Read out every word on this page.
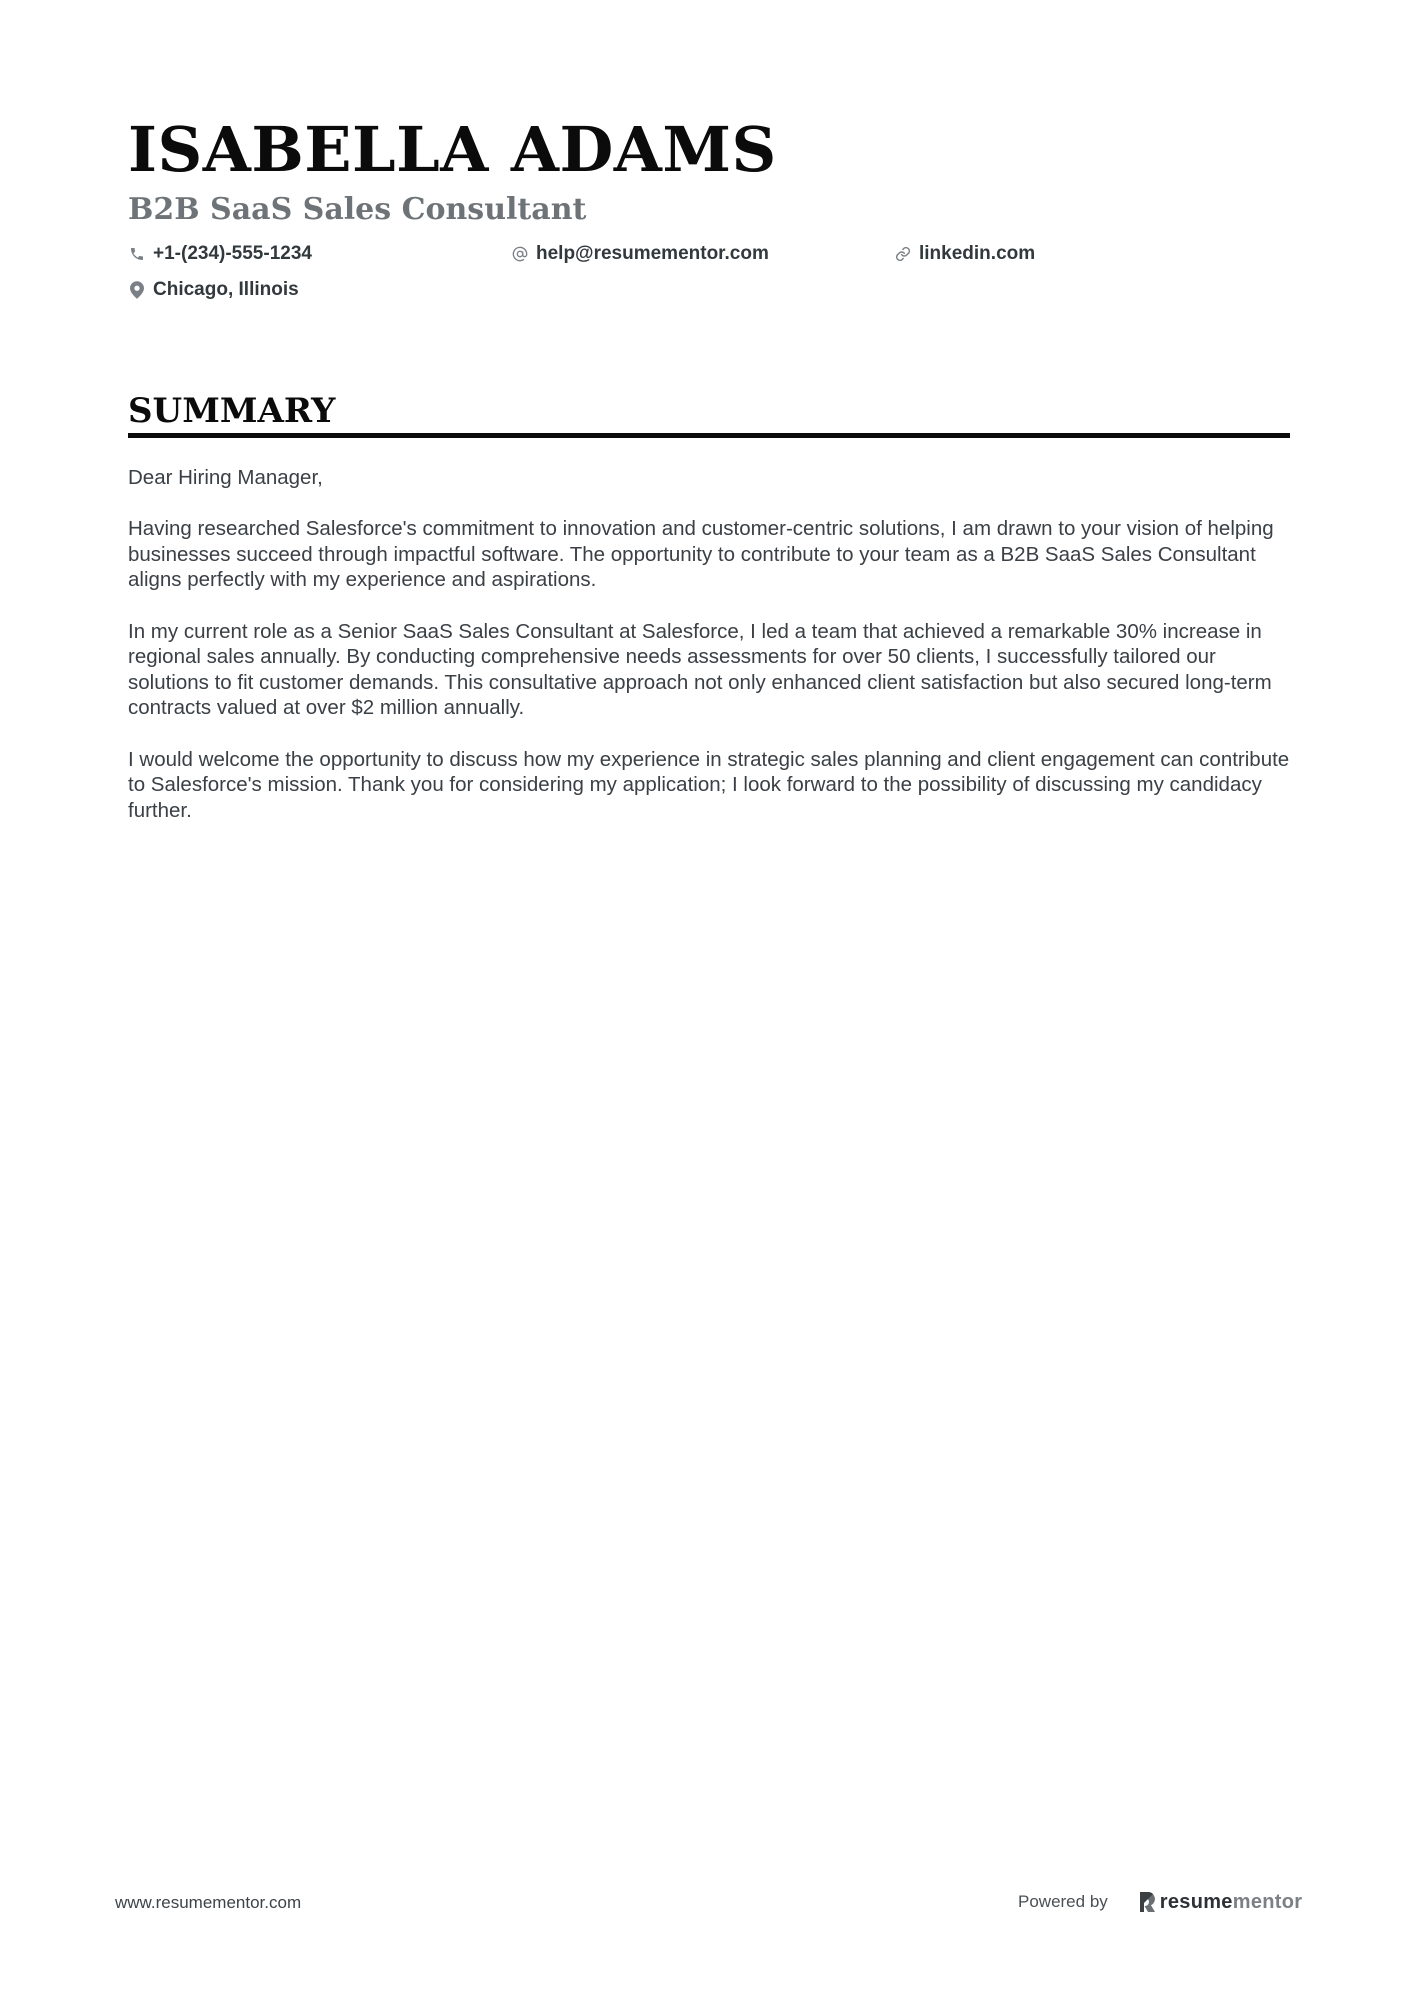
ISABELLA ADAMS
B2B SaaS Sales Consultant
+1-(234)-555-1234	help@resumementor.com	linkedin.com
Chicago, Illinois
SUMMARY

Dear Hiring Manager,

Having researched Salesforce's commitment to innovation and customer-centric solutions, I am drawn to your vision of helping businesses succeed through impactful software. The opportunity to contribute to your team as a B2B SaaS Sales Consultant aligns perfectly with my experience and aspirations.

In my current role as a Senior SaaS Sales Consultant at Salesforce, I led a team that achieved a remarkable 30% increase in regional sales annually. By conducting comprehensive needs assessments for over 50 clients, I successfully tailored our solutions to fit customer demands. This consultative approach not only enhanced client satisfaction but also secured long-term contracts valued at over $2 million annually.

I would welcome the opportunity to discuss how my experience in strategic sales planning and client engagement can contribute to Salesforce's mission. Thank you for considering my application; I look forward to the possibility of discussing my candidacy further.

www.resumementor.com	Powered by	resume mentor
